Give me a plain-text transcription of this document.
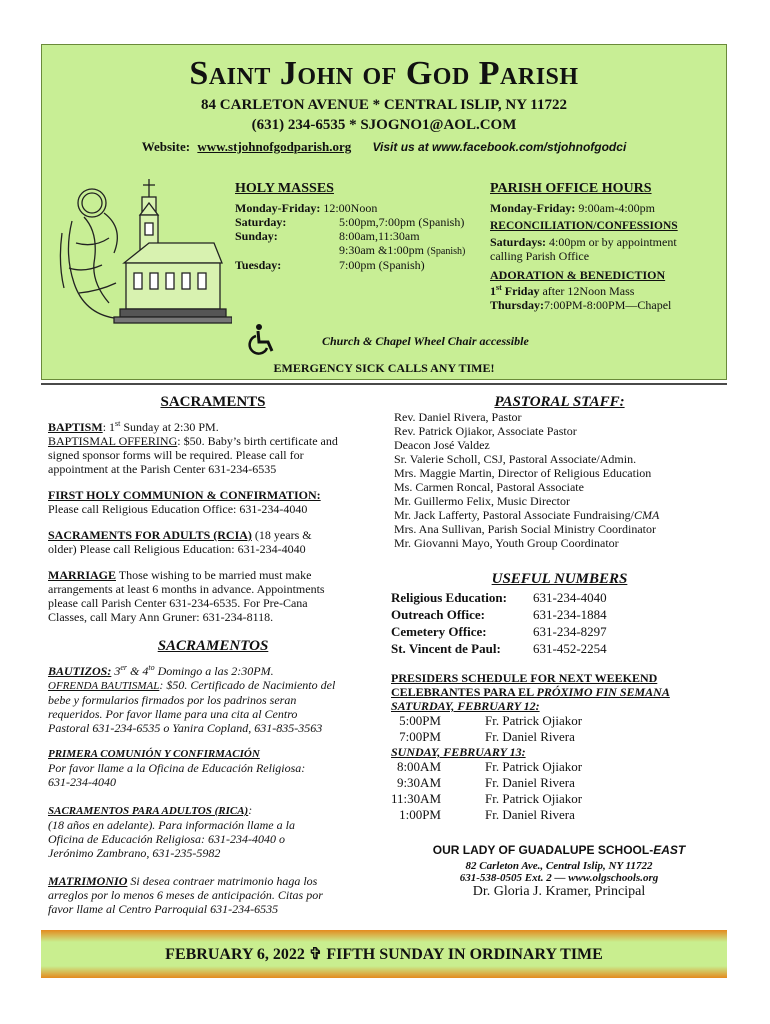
Saint John of God Parish
84 CARLETON AVENUE * CENTRAL ISLIP, NY 11722
(631) 234-6535 * SJOGNO1@AOL.COM
Website: www.stjohnofgodparish.org Visit us at www.facebook.com/stjohnofgodci
HOLY MASSES
Monday-Friday: 12:00Noon
Saturday:	5:00pm,7:00pm (Spanish)
Sunday:	8:00am,11:30am
9:30am &1:00pm (Spanish)
Tuesday:	7:00pm (Spanish)
PARISH OFFICE HOURS
Monday-Friday: 9:00am-4:00pm
RECONCILIATION/CONFESSIONS
Saturdays: 4:00pm or by appointment
calling Parish Office
ADORATION & BENEDICTION
1st Friday after 12Noon Mass
Thursday:7:00PM-8:00PM—Chapel
Church & Chapel Wheel Chair accessible
EMERGENCY SICK CALLS ANY TIME!
SACRAMENTS
BAPTISM: 1st Sunday at 2:30 PM.
BAPTISMAL OFFERING: $50. Baby’s birth certificate and
signed sponsor forms will be required. Please call for
appointment at the Parish Center 631-234-6535
FIRST HOLY COMMUNION & CONFIRMATION:
Please call Religious Education Office: 631-234-4040
SACRAMENTS FOR ADULTS (RCIA) (18 years &
older) Please call Religious Education: 631-234-4040
MARRIAGE Those wishing to be married must make
arrangements at least 6 months in advance. Appointments
please call Parish Center 631-234-6535. For Pre-Cana
Classes, call Mary Ann Gruner: 631-234-8118.
SACRAMENTOS
BAUTIZOS: 3er & $4^{to}$ Domingo a las 2:30PM.
OFRENDA BAUTISMAL: $50. Certificado de Nacimiento del
bebe y formularios firmados por los padrinos seran
requeridos. Por favor llame para una cita al Centro
Pastoral 631-234-6535 o Yanira Copland, 631-835-3563
PRIMERA COMUNIÓN Y CONFIRMACIÓN
Por favor llame a la Oficina de Educación Religiosa:
631-234-4040
SACRAMENTOS PARA ADULTOS (RICA):
(18 años en adelante). Para información llame a la
Oficina de Educación Religiosa: 631-234-4040 o
Jerónimo Zambrano, 631-235-5982
MATRIMONIO Si desea contraer matrimonio haga los
arreglos por lo menos 6 meses de anticipación. Citas por
favor llame al Centro Parroquial 631-234-6535
PASTORAL STAFF:
Rev. Daniel Rivera, Pastor
Rev. Patrick Ojiakor, Associate Pastor
Deacon José Valdez
Sr. Valerie Scholl, CSJ, Pastoral Associate/Admin.
Mrs. Maggie Martin, Director of Religious Education
Ms. Carmen Roncal, Pastoral Associate
Mr. Guillermo Felix, Music Director
Mr. Jack Lafferty, Pastoral Associate Fundraising/CMA
Mrs. Ana Sullivan, Parish Social Ministry Coordinator
Mr. Giovanni Mayo, Youth Group Coordinator
USEFUL NUMBERS
Religious Education:	631-234-4040
Outreach Office:	631-234-1884
Cemetery Office:	631-234-8297
St. Vincent de Paul:	631-452-2254
PRESIDERS SCHEDULE FOR NEXT WEEKEND
CELEBRANTES PARA EL PRÓXIMO FIN SEMANA
SATURDAY, FEBRUARY 12:
5:00PM	Fr. Patrick Ojiakor
7:00PM	Fr. Daniel Rivera
SUNDAY, FEBRUARY 13:
8:00AM	Fr. Patrick Ojiakor
9:30AM	Fr. Daniel Rivera
11:30AM	Fr. Patrick Ojiakor
1:00PM	Fr. Daniel Rivera
OUR LADY OF GUADALUPE SCHOOL-EAST
82 Carleton Ave., Central Islip, NY 11722
631-538-0505 Ext. 2 — www.olgschools.org
Dr. Gloria J. Kramer, Principal
FEBRUARY 6, 2022 ✞ FIFTH SUNDAY IN ORDINARY TIME
